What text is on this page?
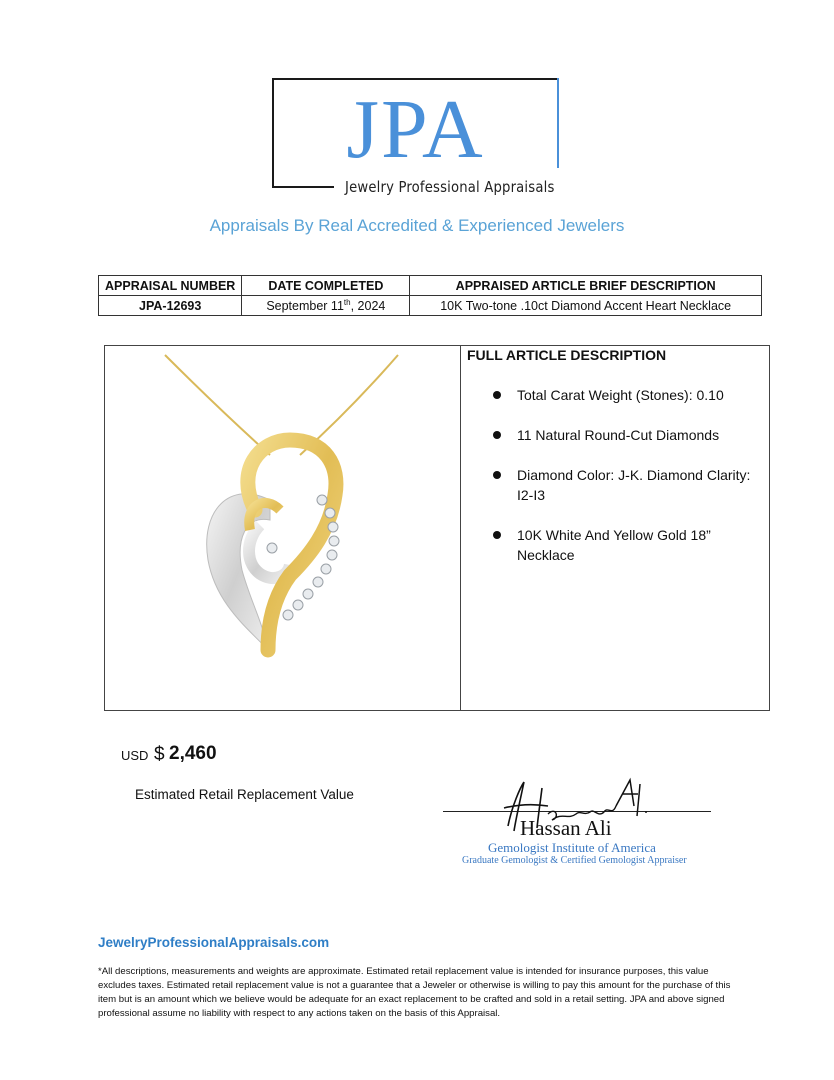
JPA
Jewelry Professional Appraisals
Appraisals By Real Accredited & Experienced Jewelers
APPRAISAL NUMBER	DATE COMPLETED	APPRAISED ARTICLE BRIEF DESCRIPTION
JPA-12693	September 11th, 2024	10K Two-tone .10ct Diamond Accent Heart Necklace
FULL ARTICLE DESCRIPTION
Total Carat Weight (Stones): 0.10
11 Natural Round-Cut Diamonds
Diamond Color: J-K. Diamond Clarity: I2-I3
10K White And Yellow Gold 18” Necklace
USD $ 2,460
Estimated Retail Replacement Value
Hassan Ali
Gemologist Institute of America
Graduate Gemologist & Certified Gemologist Appraiser
JewelryProfessionalAppraisals.com
*All descriptions, measurements and weights are approximate. Estimated retail replacement value is intended for insurance purposes, this value excludes taxes. Estimated retail replacement value is not a guarantee that a Jeweler or otherwise is willing to pay this amount for the purchase of this item but is an amount which we believe would be adequate for an exact replacement to be crafted and sold in a retail setting. JPA and above signed professional assume no liability with respect to any actions taken on the basis of this Appraisal.
